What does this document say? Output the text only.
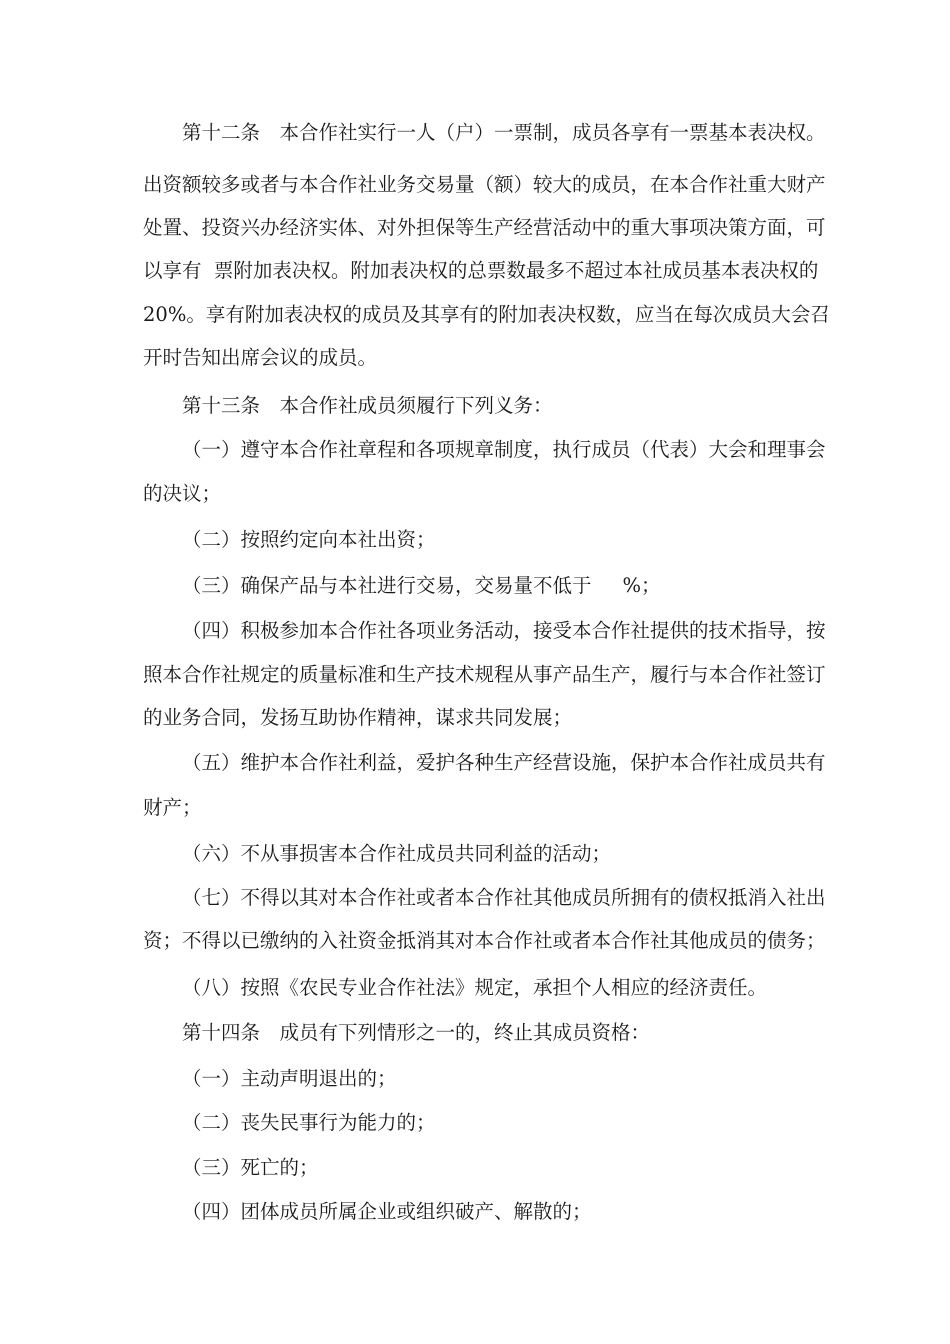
第十二条　本合作社实行一人（户）一票制，成员各享有一票基本表决权。

出资额较多或者与本合作社业务交易量（额）较大的成员，在本合作社重大财产

处置、投资兴办经济实体、对外担保等生产经营活动中的重大事项决策方面，可

以享有  票附加表决权。附加表决权的总票数最多不超过本社成员基本表决权的

20%。享有附加表决权的成员及其享有的附加表决权数，应当在每次成员大会召

开时告知出席会议的成员。

第十三条　本合作社成员须履行下列义务：

（一）遵守本合作社章程和各项规章制度，执行成员（代表）大会和理事会

的决议；

（二）按照约定向本社出资；

（三）确保产品与本社进行交易，交易量不低于     %；

（四）积极参加本合作社各项业务活动，接受本合作社提供的技术指导，按

照本合作社规定的质量标准和生产技术规程从事产品生产，履行与本合作社签订

的业务合同，发扬互助协作精神，谋求共同发展；

（五）维护本合作社利益，爱护各种生产经营设施，保护本合作社成员共有

财产；

（六）不从事损害本合作社成员共同利益的活动；

（七）不得以其对本合作社或者本合作社其他成员所拥有的债权抵消入社出

资；不得以已缴纳的入社资金抵消其对本合作社或者本合作社其他成员的债务；

（八）按照《农民专业合作社法》规定，承担个人相应的经济责任。

第十四条　成员有下列情形之一的，终止其成员资格：

（一）主动声明退出的；

（二）丧失民事行为能力的；

（三）死亡的；

（四）团体成员所属企业或组织破产、解散的；
